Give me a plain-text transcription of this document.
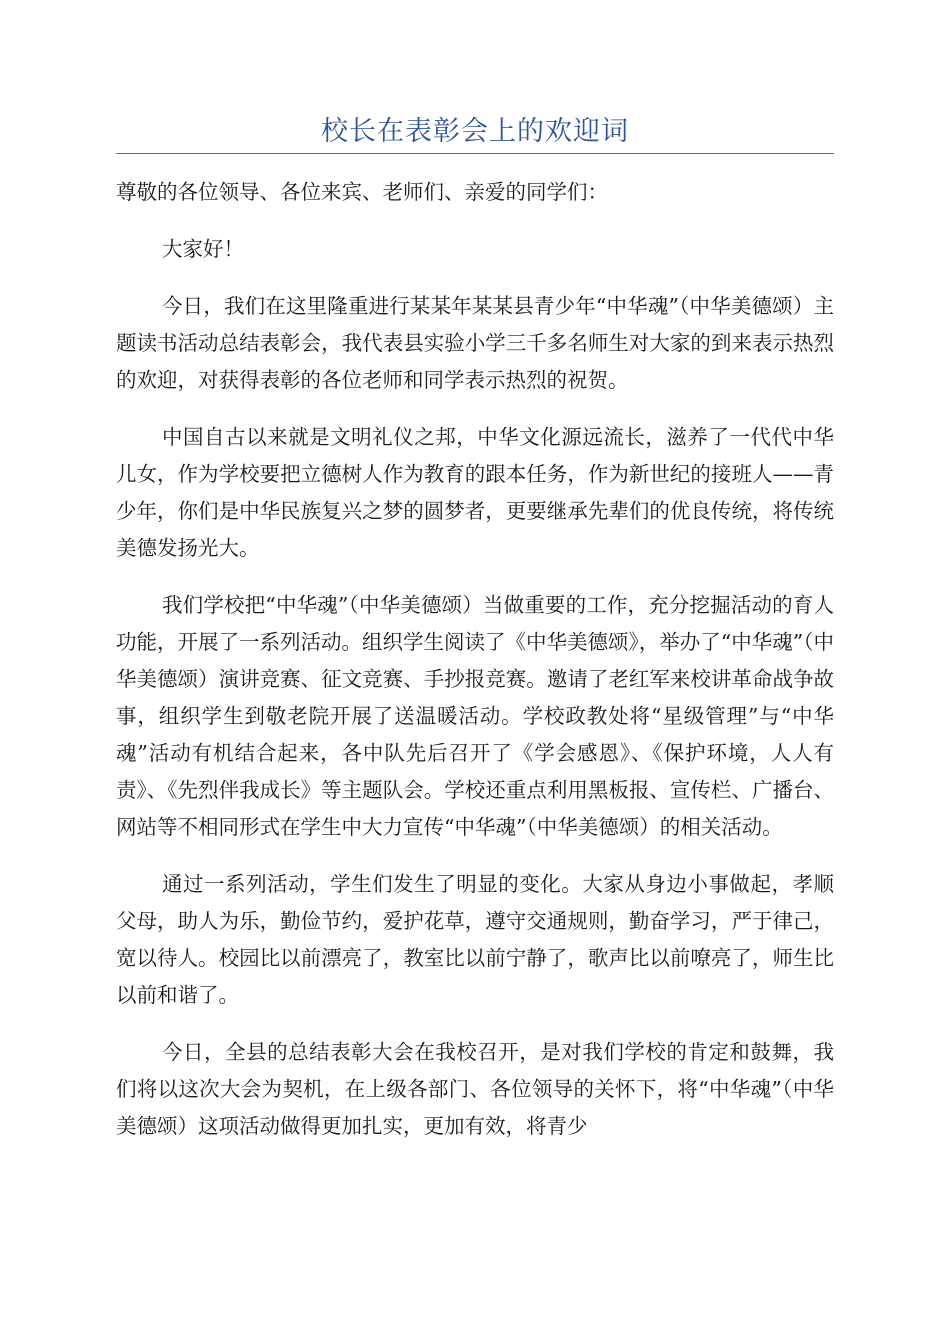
校长在表彰会上的欢迎词

尊敬的各位领导、各位来宾、老师们、亲爱的同学们：

大家好！

今日，我们在这里隆重进行某某年某某县青少年“中华魂”（中华美德颂）主题读书活动总结表彰会，我代表县实验小学三千多名师生对大家的到来表示热烈的欢迎，对获得表彰的各位老师和同学表示热烈的祝贺。

中国自古以来就是文明礼仪之邦，中华文化源远流长，滋养了一代代中华儿女，作为学校要把立德树人作为教育的跟本任务，作为新世纪的接班人——青少年，你们是中华民族复兴之梦的圆梦者，更要继承先辈们的优良传统，将传统美德发扬光大。

我们学校把“中华魂”（中华美德颂）当做重要的工作，充分挖掘活动的育人功能，开展了一系列活动。组织学生阅读了《中华美德颂》，举办了“中华魂”（中华美德颂）演讲竞赛、征文竞赛、手抄报竞赛。邀请了老红军来校讲革命战争故事，组织学生到敬老院开展了送温暖活动。学校政教处将“星级管理”与“中华魂”活动有机结合起来，各中队先后召开了《学会感恩》、《保护环境，人人有责》、《先烈伴我成长》等主题队会。学校还重点利用黑板报、宣传栏、广播台、网站等不相同形式在学生中大力宣传“中华魂”（中华美德颂）的相关活动。

通过一系列活动，学生们发生了明显的变化。大家从身边小事做起，孝顺父母，助人为乐，勤俭节约，爱护花草，遵守交通规则，勤奋学习，严于律己，宽以待人。校园比以前漂亮了，教室比以前宁静了，歌声比以前嘹亮了，师生比以前和谐了。

今日，全县的总结表彰大会在我校召开，是对我们学校的肯定和鼓舞，我们将以这次大会为契机，在上级各部门、各位领导的关怀下，将“中华魂”（中华美德颂）这项活动做得更加扎实，更加有效，将青少
